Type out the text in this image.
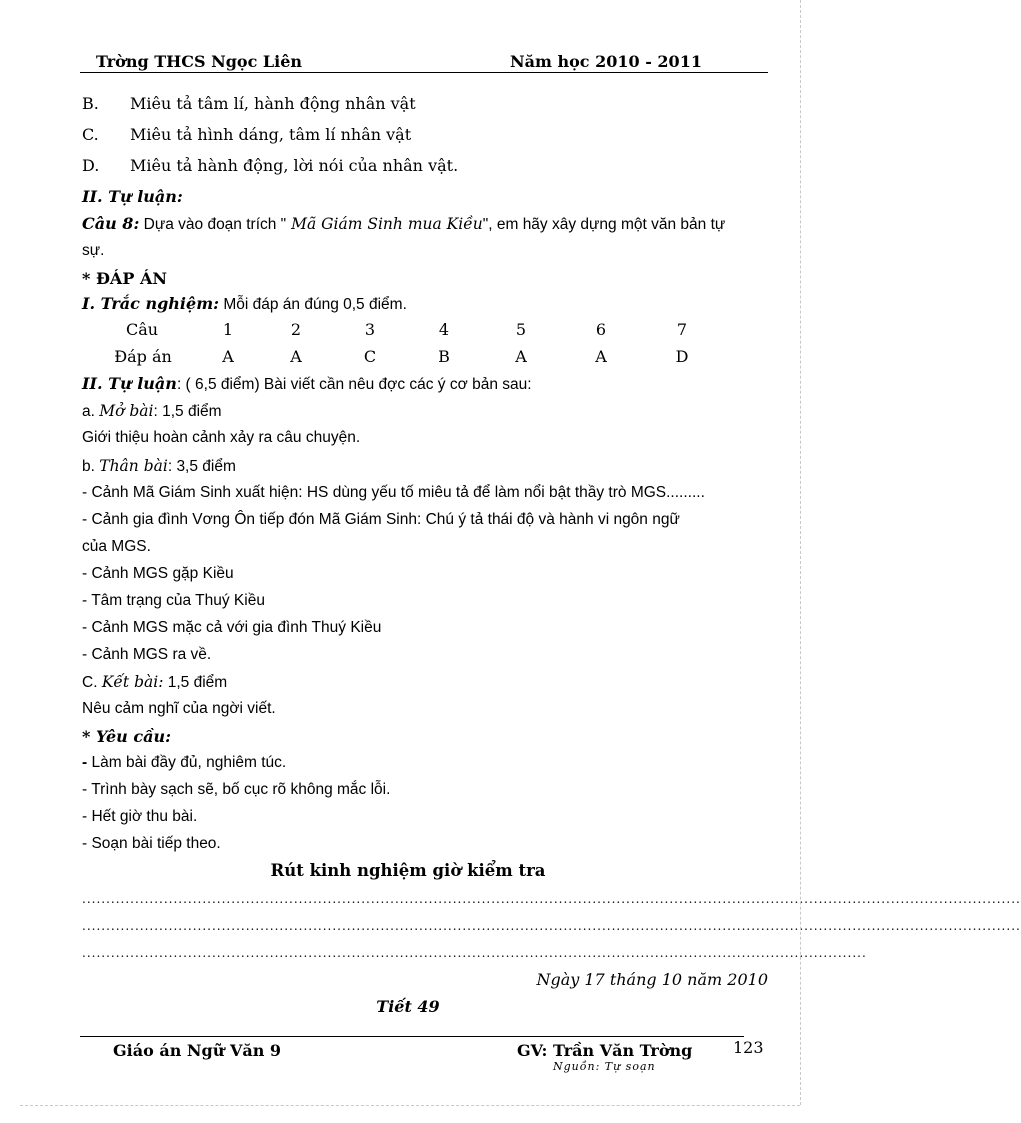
Trờng THCS Ngọc Liên	Năm học 2010 - 2011
B. Miêu tả tâm lí, hành động nhân vật
C. Miêu tả hình dáng, tâm lí nhân vật
D. Miêu tả hành động, lời nói của nhân vật.
II. Tự luận:
Câu 8: Dựa vào đoạn trích " Mã Giám Sinh mua Kiều", em hãy xây dựng một văn bản tự
sự.
* ĐÁP ÁN
I. Trắc nghiệm: Mỗi đáp án đúng 0,5 điểm.
Câu	1	2	3	4	5	6	7
Đáp án	A	A	C	B	A	A	D
II. Tự luận: ( 6,5 điểm) Bài viết cần nêu đợc các ý cơ bản sau:
a. Mở bài: 1,5 điểm
Giới thiệu hoàn cảnh xảy ra câu chuyện.
b. Thân bài: 3,5 điểm
- Cảnh Mã Giám Sinh xuất hiện: HS dùng yếu tố miêu tả để làm nổi bật thầy trò MGS.........
- Cảnh gia đình Vơng Ôn tiếp đón Mã Giám Sinh: Chú ý tả thái độ và hành vi ngôn ngữ
của MGS.
- Cảnh MGS gặp Kiều
- Tâm trạng của Thuý Kiều
- Cảnh MGS mặc cả với gia đình Thuý Kiều
- Cảnh MGS ra về.
C. Kết bài: 1,5 điểm
Nêu cảm nghĩ của ngời viết.
* Yêu cầu:
- Làm bài đầy đủ, nghiêm túc.
- Trình bày sạch sẽ, bố cục rõ không mắc lỗi.
- Hết giờ thu bài.
- Soạn bài tiếp theo.
Rút kinh nghiệm giờ kiểm tra
...................................................................................................................................................................................................
...................................................................................................................................................................................................
...................................................................................................................................................................
Ngày 17 tháng 10 năm 2010
Tiết 49
Giáo án Ngữ Văn 9	GV: Trần Văn Trờng
Nguồn: Tự soạn
123
